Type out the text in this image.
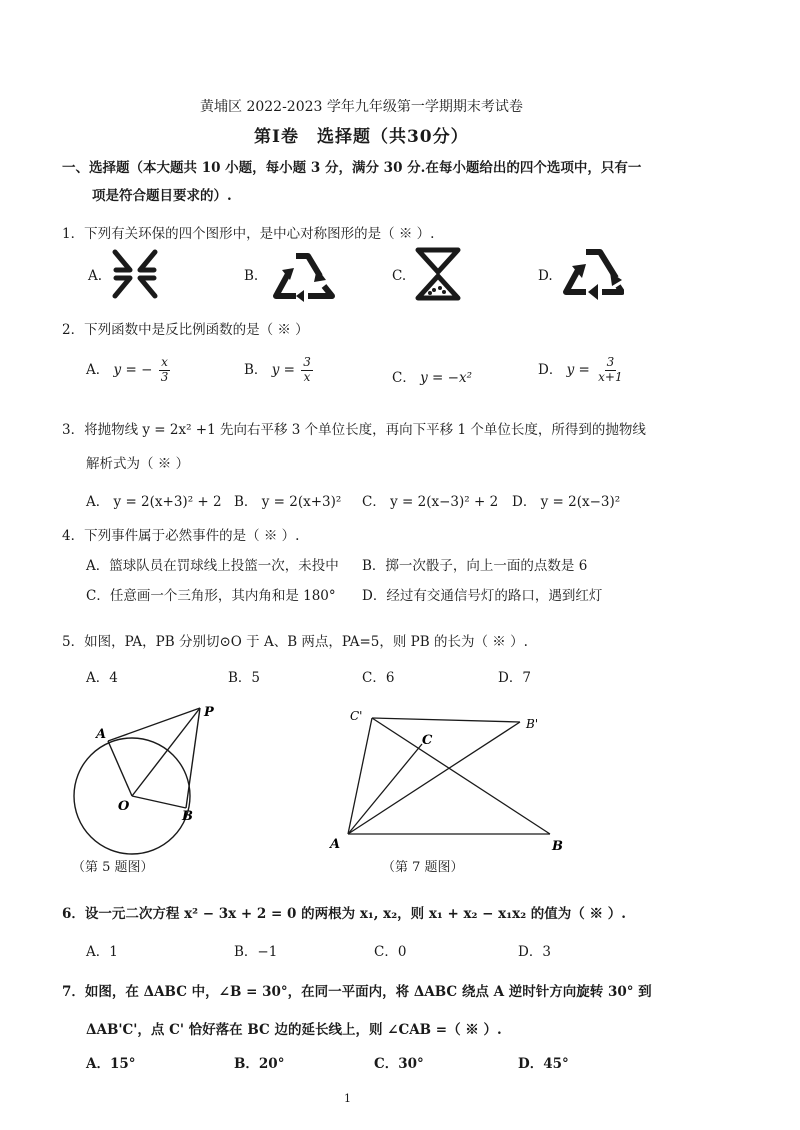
黄埔区 2022-2023 学年九年级第一学期期末考试卷
第Ⅰ卷　选择题（共30分）
一、选择题（本大题共 10 小题，每小题 3 分，满分 30 分.在每小题给出的四个选项中，只有一
项是符合题目要求的）.
1．下列有关环保的四个图形中，是中心对称图形的是（ ※ ）.
A.	B.	C.	D.
2．下列函数中是反比例函数的是（ ※ ）
A． y = − $\frac{x}{3}$	B． $y = \frac{3}{x}$	C． y = −x²
D． $y = \frac{3}{x+1}$
3．将抛物线 y = 2x² +1 先向右平移 3 个单位长度，再向下平移 1 个单位长度，所得到的抛物线
解析式为（ ※ ）
A． y = 2(x+3)² + 2 B． y = 2(x+3)² C． y = 2(x−3)² + 2 D． y = 2(x−3)²
4．下列事件属于必然事件的是（ ※ ）.
A．篮球队员在罚球线上投篮一次，未投中 B．掷一次骰子，向上一面的点数是 6
C．任意画一个三角形，其内角和是 180° D．经过有交通信号灯的路口，遇到红灯
5．如图，PA，PB 分别切⊙O 于 A、B 两点，PA=5，则 PB 的长为（ ※ ）.
A．4	B．5	C．6	D．7
P
A
O
B
（第 5 题图）
C'
C
B'
A	B
（第 7 题图）
6．设一元二次方程 x² − 3x + 2 = 0 的两根为 x₁, x₂，则 x₁ + x₂ − x₁x₂ 的值为（ ※ ）.
A．1	B．−1	C．0	D．3
7．如图，在 ΔABC 中，∠B = 30°，在同一平面内，将 ΔABC 绕点 A 逆时针方向旋转 30° 到
ΔAB'C'，点 C' 恰好落在 BC 边的延长线上，则 ∠CAB =（ ※ ）.
A．15°	B．20°	C．30°	D．45°
1
